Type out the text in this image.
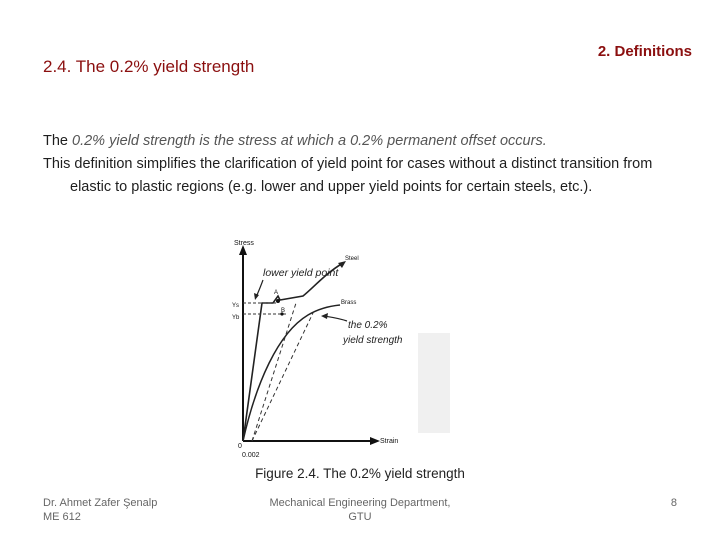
2.4. The 0.2% yield strength
2. Definitions
The 0.2% yield strength is the stress at which a 0.2% permanent offset occurs.
This definition simplifies the clarification of yield point for cases without a distinct transition from elastic to plastic regions (e.g. lower and upper yield points for certain steels, etc.).
Stress
Strain
0
0.002
Steel
Brass
A
B
Ys
Yb
lower yield point
the 0.2%
yield strength
Figure 2.4. The 0.2% yield strength
Dr. Ahmet Zafer Şenalp
ME 612
Mechanical Engineering Department,
GTU
8
